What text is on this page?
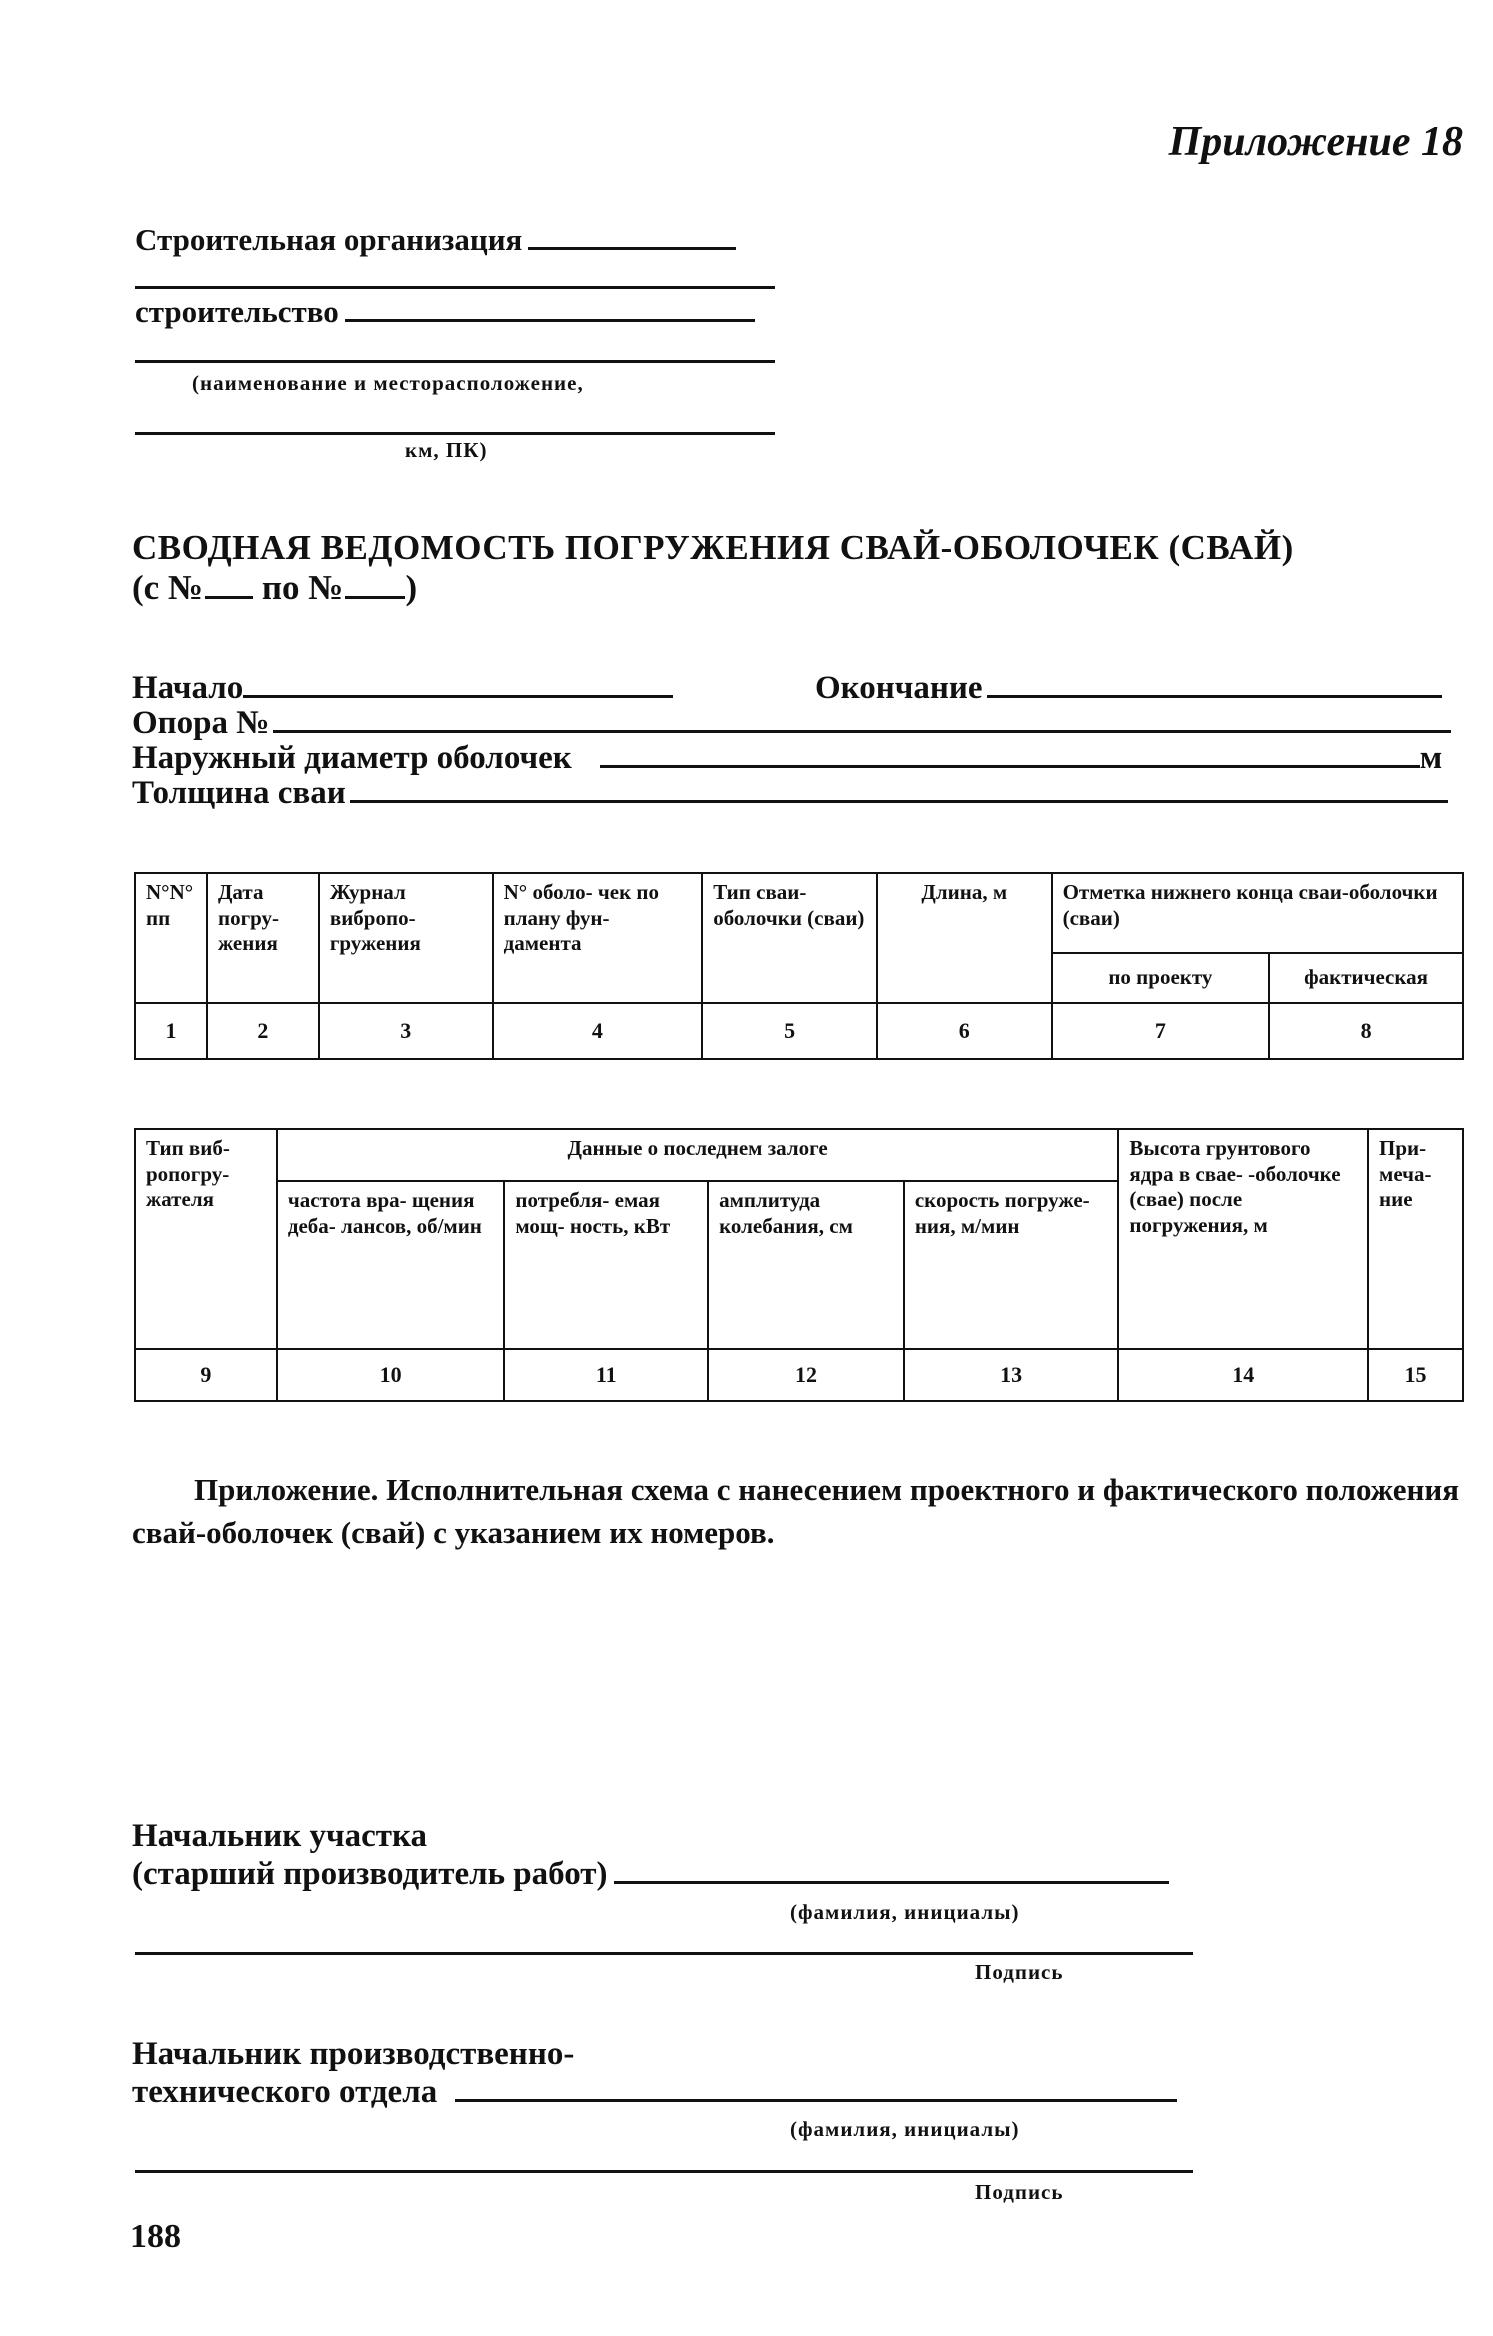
Приложение 18
Строительная организация
строительство
(наименование и месторасположение,
км, ПК)
СВОДНАЯ ВЕДОМОСТЬ ПОГРУЖЕНИЯ СВАЙ-ОБОЛОЧЕК (СВАЙ)
(с № по № )
Начало	Окончание
Опора №
Наружный диаметр оболочек	м
Толщина сваи
N°N° пп	Дата погру- жения	Журнал вибропо- гружения	N° оболо- чек по плану фун- дамента	Тип сваи- оболочки (сваи)	Длина, м	Отметка нижнего конца сваи-оболочки (сваи)	
						по проекту	фактическая
1	2	3	4	5	6	7	8
Тип виб- ропогру- жателя	Данные о последнем залоге				Высота грунтового ядра в свае- -оболочке (свае) после погружения, м	При- меча- ние
	частота вра- щения деба- лансов, об/мин	потребля- емая мощ- ность, кВт	амплитуда колебания, см	скорость погруже- ния, м/мин		
9	10	11	12	13	14	15
Приложение. Исполнительная схема с нанесением проектного и фактического положения свай-оболочек (свай) с указанием их номеров.
Начальник участка
(старший производитель работ)
(фамилия, инициалы)
Подпись
Начальник производственно-
технического отдела
(фамилия, инициалы)
Подпись
188
